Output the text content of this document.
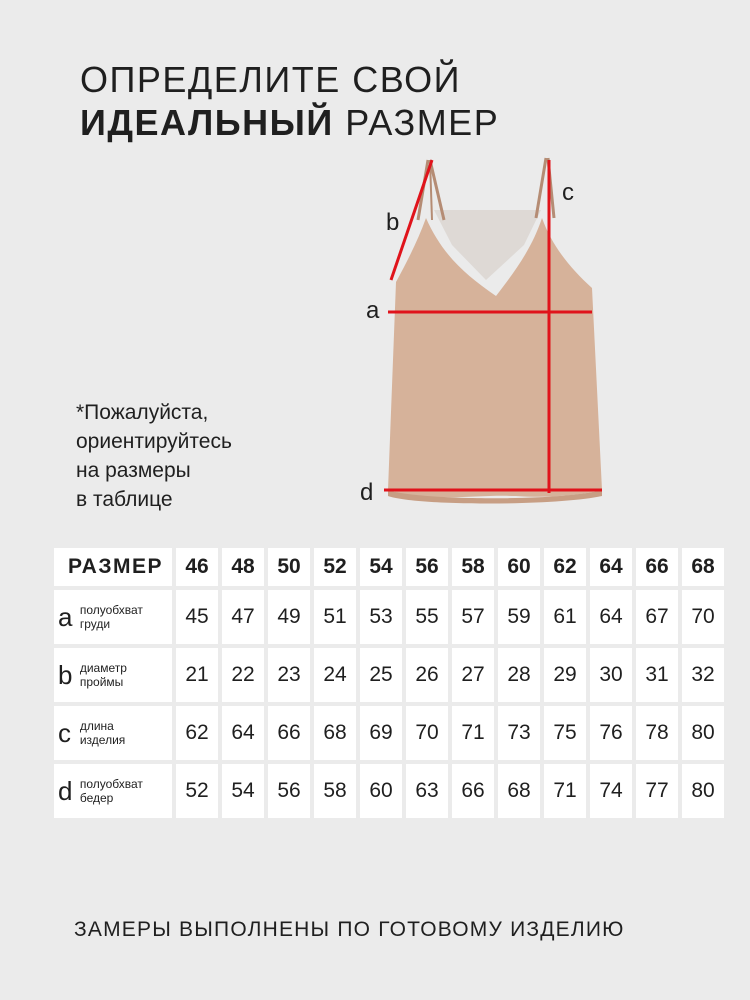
ОПРЕДЕЛИТЕ СВОЙ
ИДЕАЛЬНЫЙ РАЗМЕР
b
c
a
d
*Пожалуйста,
ориентируйтесь
на размеры
в таблице
РАЗМЕР	46	48	50	52	54	56	58	60	62	64	66	68
a полуобхват
груди	45	47	49	51	53	55	57	59	61	64	67	70
b диаметр
проймы	21	22	23	24	25	26	27	28	29	30	31	32
c длина
изделия	62	64	66	68	69	70	71	73	75	76	78	80
d полуобхват
бедер	52	54	56	58	60	63	66	68	71	74	77	80
ЗАМЕРЫ ВЫПОЛНЕНЫ ПО ГОТОВОМУ ИЗДЕЛИЮ
